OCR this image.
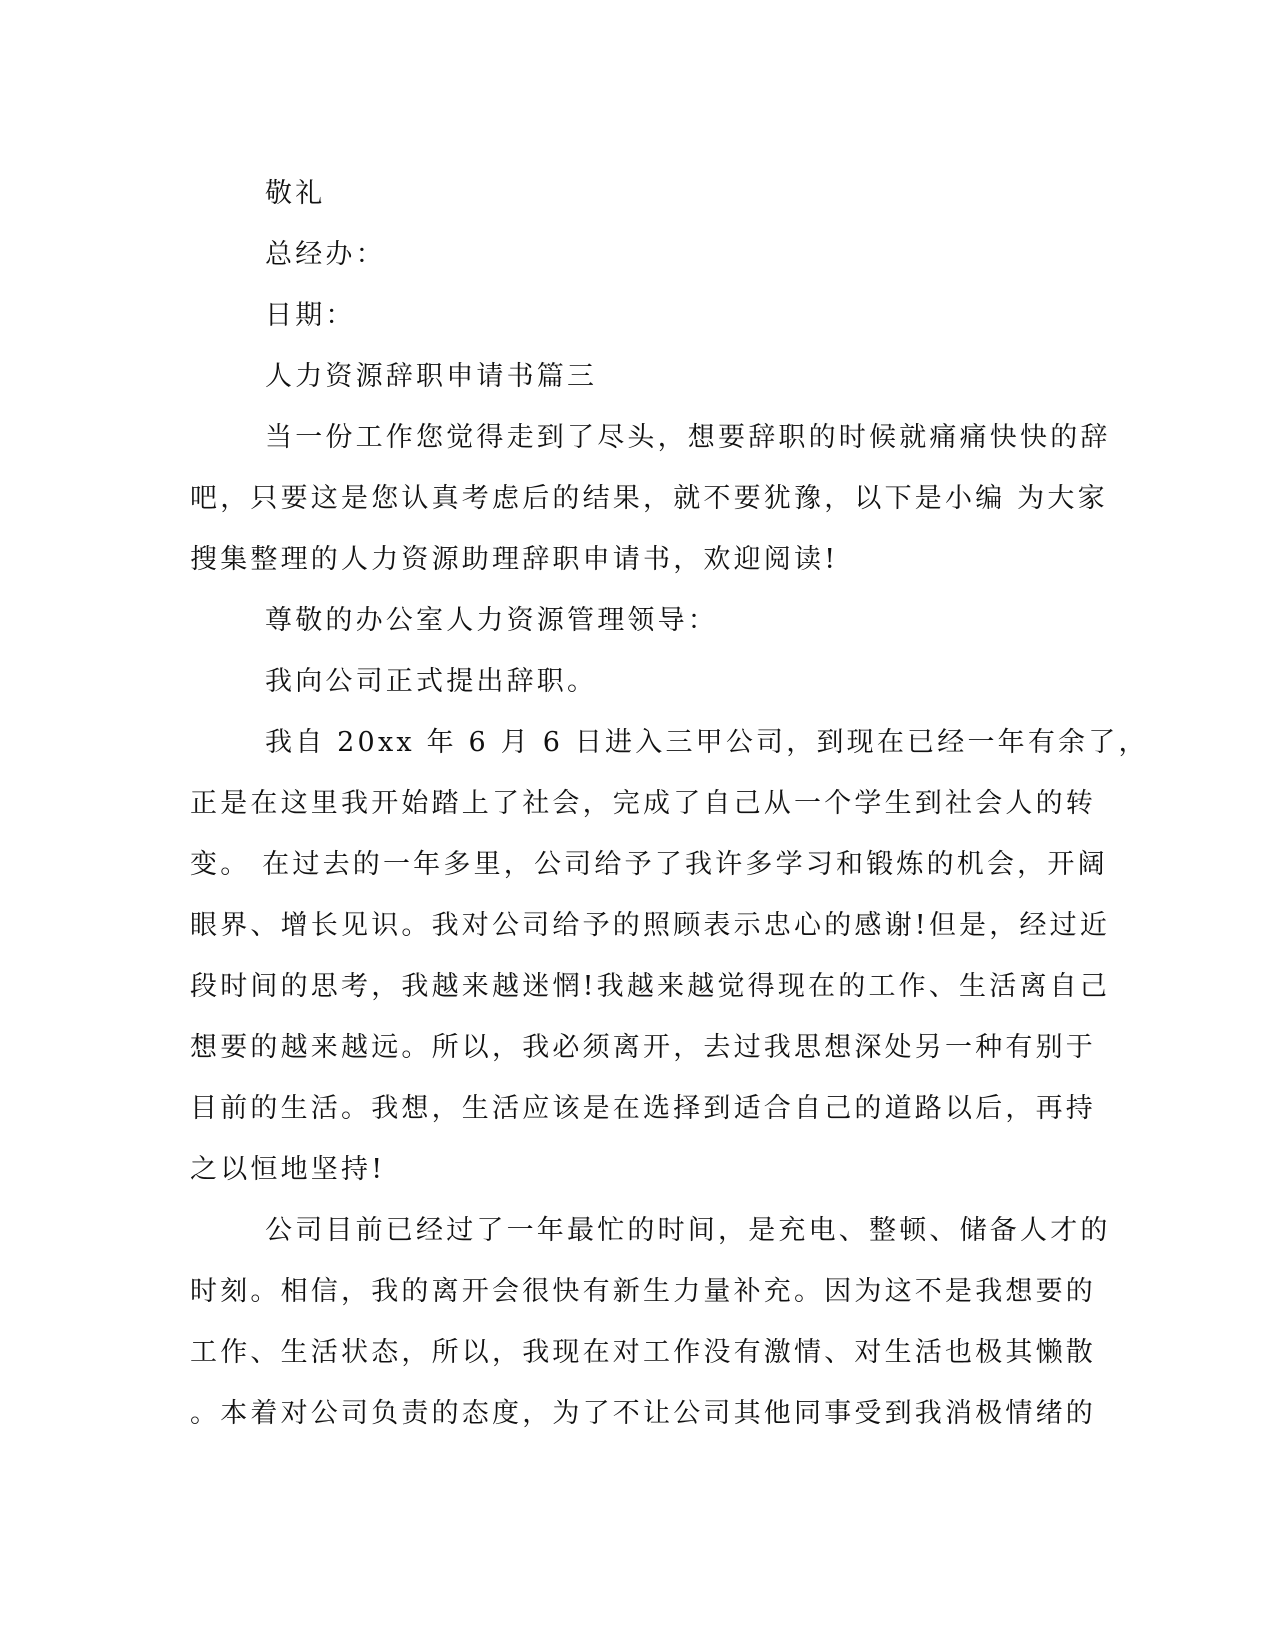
敬礼
总经办：
日期：
人力资源辞职申请书篇三
当一份工作您觉得走到了尽头，想要辞职的时候就痛痛快快的辞
吧，只要这是您认真考虑后的结果，就不要犹豫，以下是小编 为大家
搜集整理的人力资源助理辞职申请书，欢迎阅读!
尊敬的办公室人力资源管理领导：
我向公司正式提出辞职。
我自 20xx 年 6 月 6 日进入三甲公司，到现在已经一年有余了，
正是在这里我开始踏上了社会，完成了自己从一个学生到社会人的转
变。 在过去的一年多里，公司给予了我许多学习和锻炼的机会，开阔
眼界、增长见识。我对公司给予的照顾表示忠心的感谢!但是，经过近
段时间的思考，我越来越迷惘!我越来越觉得现在的工作、生活离自己
想要的越来越远。所以，我必须离开，去过我思想深处另一种有别于
目前的生活。我想，生活应该是在选择到适合自己的道路以后，再持
之以恒地坚持!
公司目前已经过了一年最忙的时间，是充电、整顿、储备人才的
时刻。相信，我的离开会很快有新生力量补充。因为这不是我想要的
工作、生活状态，所以，我现在对工作没有激情、对生活也极其懒散
。本着对公司负责的态度，为了不让公司其他同事受到我消极情绪的
